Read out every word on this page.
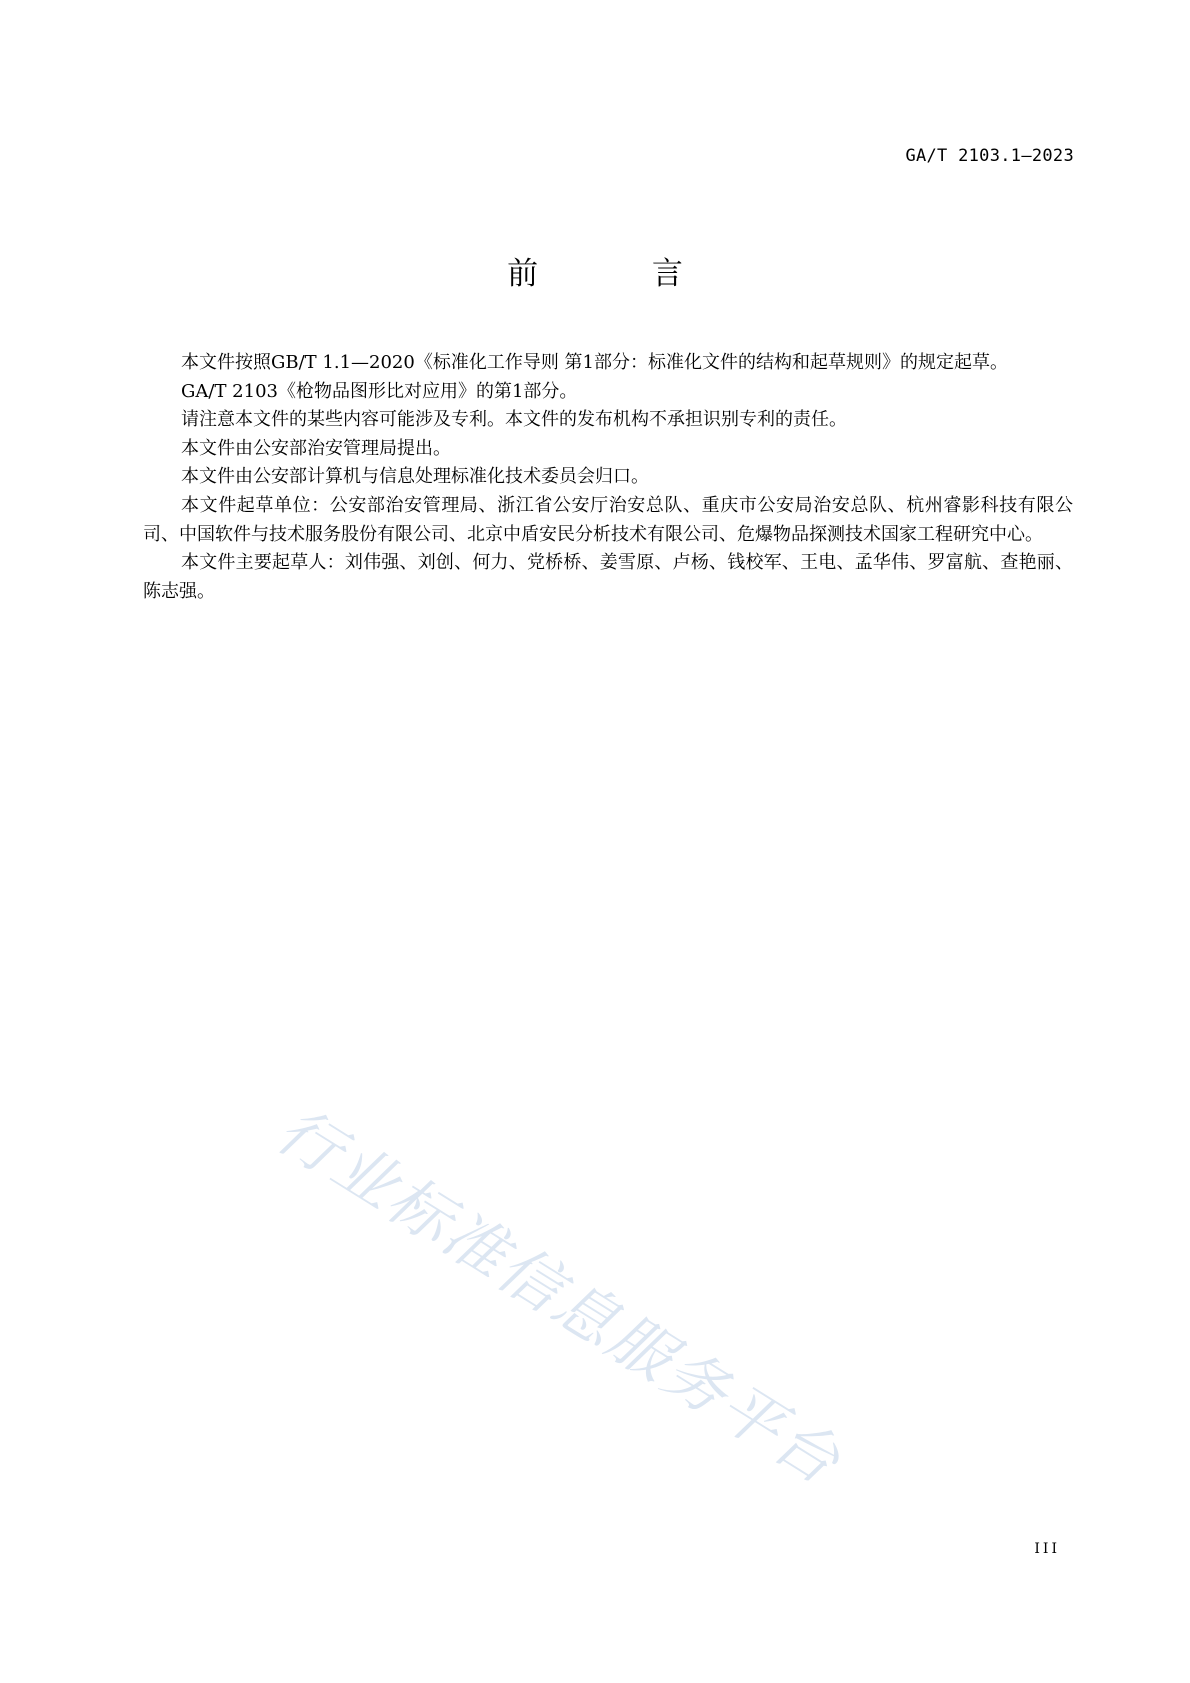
GA/T 2103.1—2023
前 言

本文件按照GB/T 1.1—2020《标准化工作导则 第1部分：标准化文件的结构和起草规则》的规定起草。

GA/T 2103《枪物品图形比对应用》的第1部分。

请注意本文件的某些内容可能涉及专利。本文件的发布机构不承担识别专利的责任。

本文件由公安部治安管理局提出。

本文件由公安部计算机与信息处理标准化技术委员会归口。

本文件起草单位：公安部治安管理局、浙江省公安厅治安总队、重庆市公安局治安总队、杭州睿影科技有限公司、中国软件与技术服务股份有限公司、北京中盾安民分析技术有限公司、危爆物品探测技术国家工程研究中心。

本文件主要起草人：刘伟强、刘创、何力、党桥桥、姜雪原、卢杨、钱校军、王电、孟华伟、罗富航、查艳丽、陈志强。

行业标准信息服务平台
III
